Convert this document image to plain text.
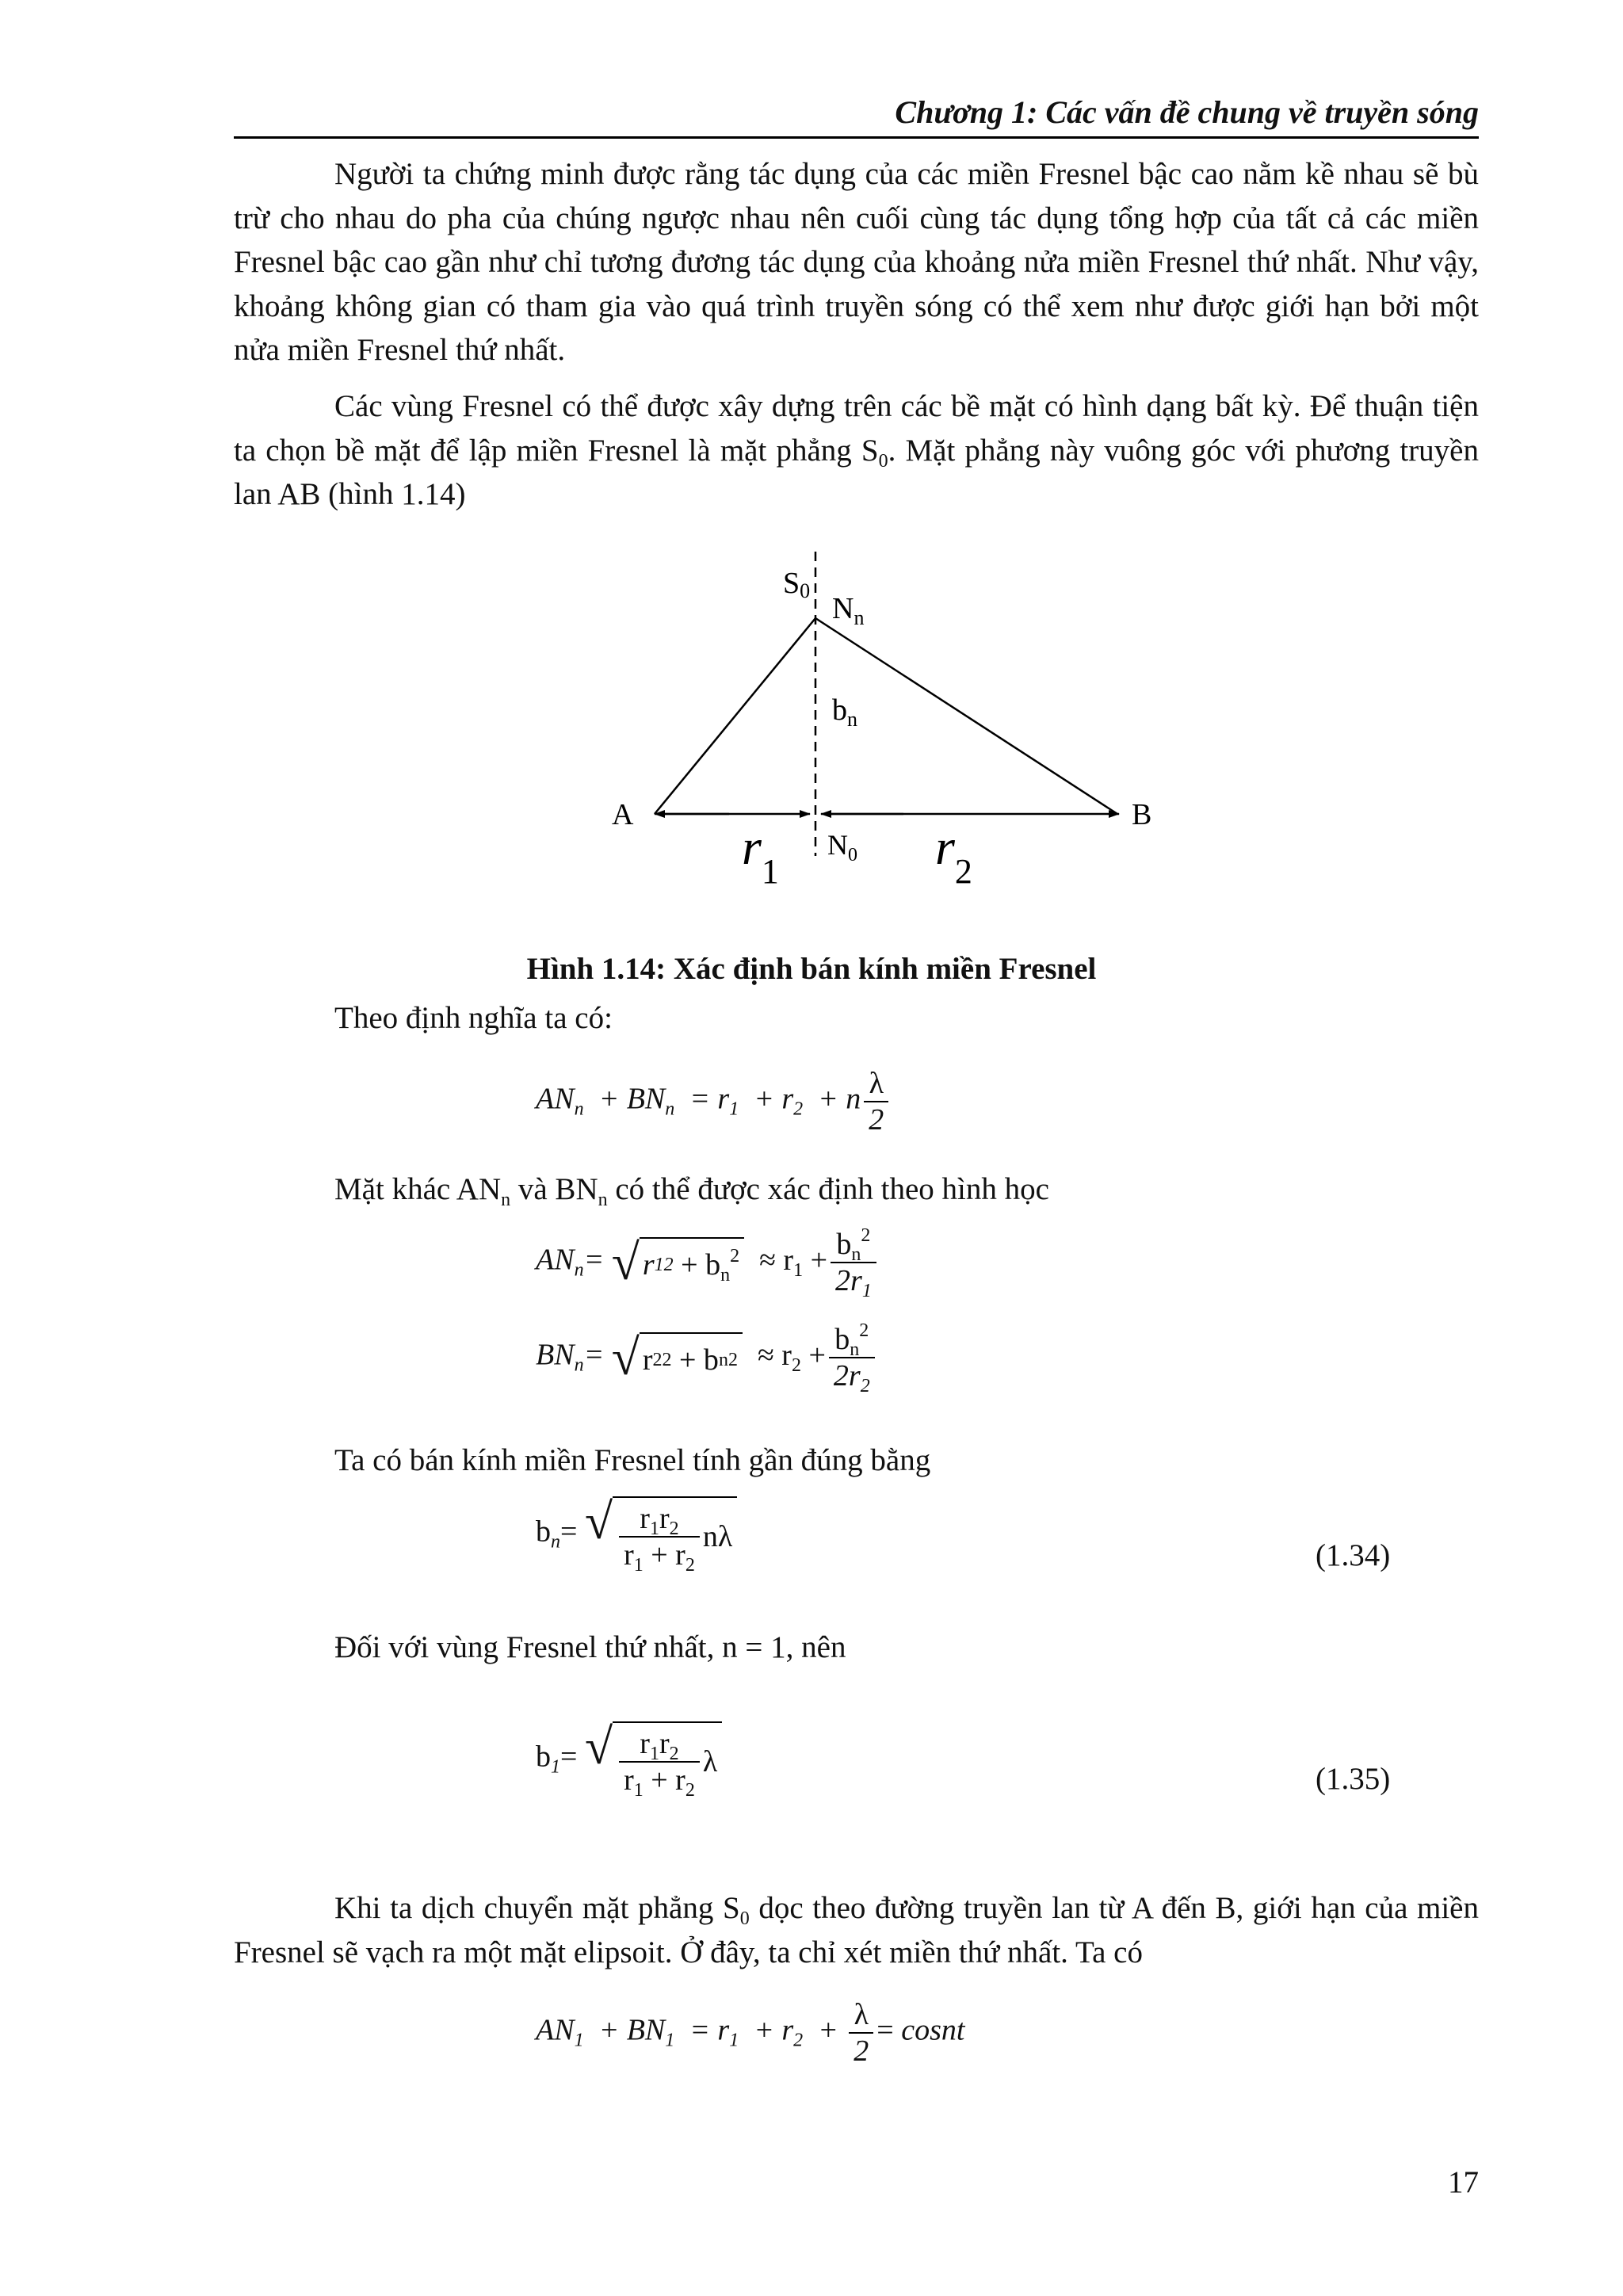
Chương 1: Các vấn đề chung về truyền sóng
Người ta chứng minh được rằng tác dụng của các miền Fresnel bậc cao nằm kề nhau sẽ bù trừ cho nhau do pha của chúng ngược nhau nên cuối cùng tác dụng tổng hợp của tất cả các miền Fresnel bậc cao gần như chỉ tương đương tác dụng của khoảng nửa miền Fresnel thứ nhất. Như vậy, khoảng không gian có tham gia vào quá trình truyền sóng có thể xem như được giới hạn bởi một nửa miền Fresnel thứ nhất.
Các vùng Fresnel có thể được xây dựng trên các bề mặt có hình dạng bất kỳ. Để thuận tiện ta chọn bề mặt để lập miền Fresnel là mặt phẳng $S_0$. Mặt phẳng này vuông góc với phương truyền lan AB (hình 1.14)
S0
$N_n$
$b_n$
A	B
$N_0$
$r_1$	$r_2$
Hình 1.14: Xác định bán kính miền Fresnel
Theo định nghĩa ta có:
$AN_n + BN_n = r_1 + r_2 + n \frac{\lambda}{2}$
Mặt khác $AN_n$ và $BN_n$ có thể được xác định theo hình học
$AN_n=$ √ r 1 2
+ $b_n^2 \approx r_1 + \frac{b_n^2}{2r_1}$
$BN_n=$ √ r 2 2 + b n $2 \approx r_2 + \frac{b_n^2}{2r_2}$
Ta có bán kính miền Fresnel tính gần đúng bằng
$b_n=$ √ $\frac{r_1r_2}{r_1 + r_2}$ nλ
(1.34)
Đối với vùng Fresnel thứ nhất, n = 1, nên
$b_1=$ √ $\frac{r_1r_2}{r_1 + r_2}$ λ	(1.35)
Khi ta dịch chuyển mặt phẳng $S_0$ dọc theo đường truyền lan từ A đến B, giới hạn của miền Fresnel sẽ vạch ra một mặt elipsoit. Ở đây, ta chỉ xét miền thứ nhất. Ta có
$AN_1 + BN_1 = r_1 + r_2 + \frac{\lambda}{2}$ = cosnt
17
